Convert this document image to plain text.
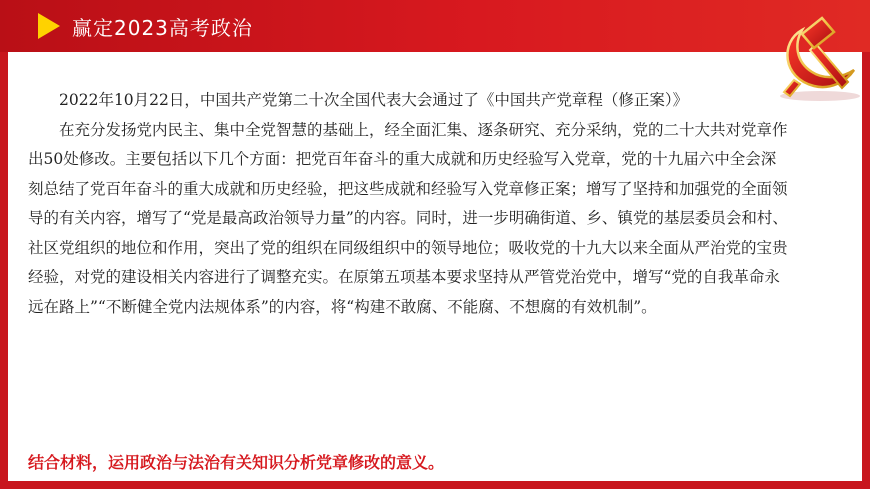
赢定2023高考政治

2022年10月22日，中国共产党第二十次全国代表大会通过了《中国共产党章程（修正案）》

在充分发扬党内民主、集中全党智慧的基础上，经全面汇集、逐条研究、充分采纳，党的二十大共对党章作出50处修改。主要包括以下几个方面：把党百年奋斗的重大成就和历史经验写入党章，党的十九届六中全会深刻总结了党百年奋斗的重大成就和历史经验，把这些成就和经验写入党章修正案；增写了坚持和加强党的全面领导的有关内容，增写了“党是最高政治领导力量”的内容。同时，进一步明确街道、乡、镇党的基层委员会和村、社区党组织的地位和作用，突出了党的组织在同级组织中的领导地位；吸收党的十九大以来全面从严治党的宝贵经验，对党的建设相关内容进行了调整充实。在原第五项基本要求坚持从严管党治党中，增写“党的自我革命永远在路上”“不断健全党内法规体系”的内容，将“构建不敢腐、不能腐、不想腐的有效机制”。

结合材料，运用政治与法治有关知识分析党章修改的意义。
